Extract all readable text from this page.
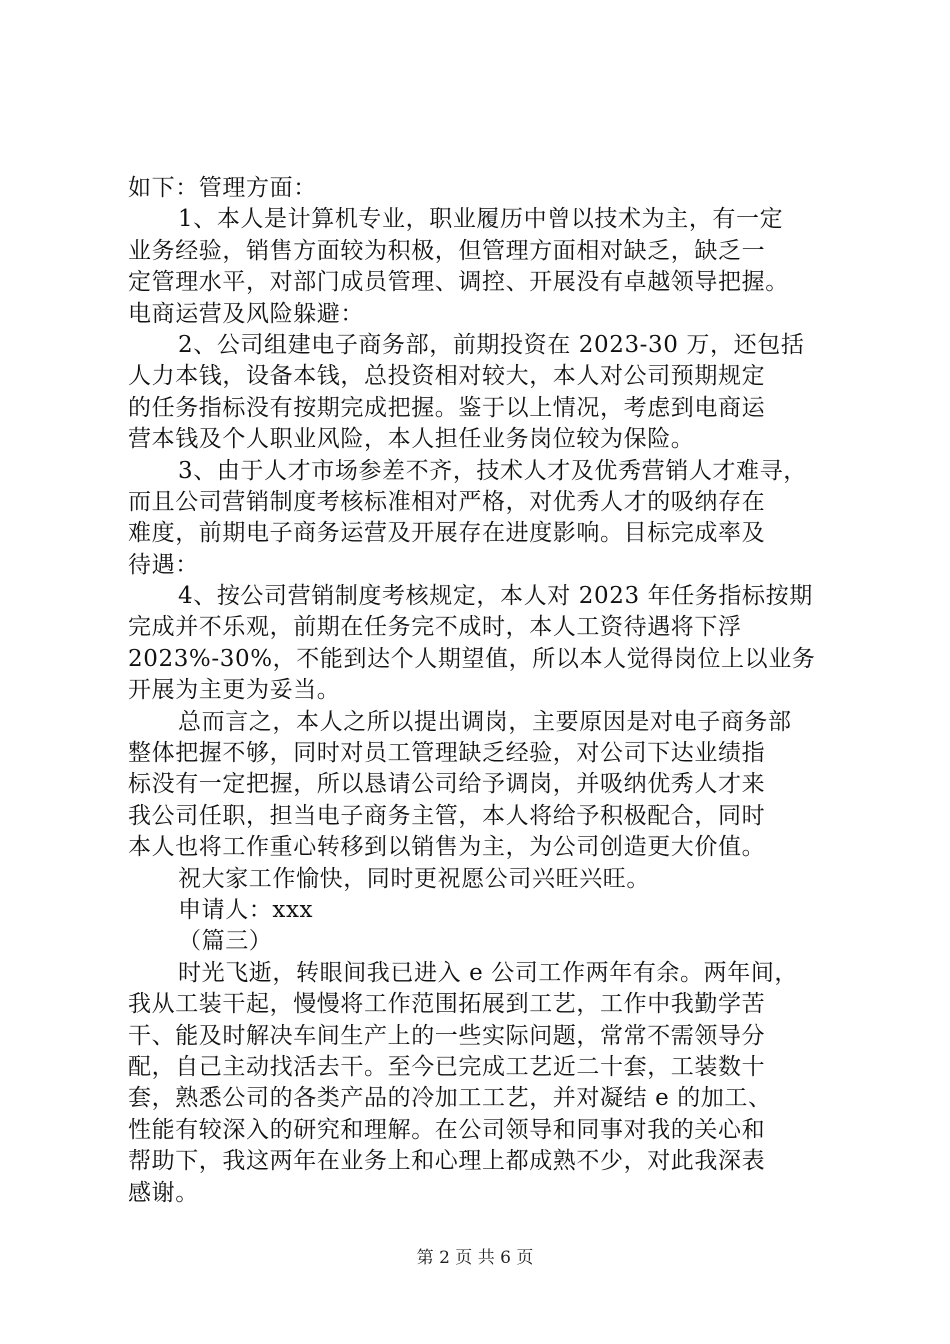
如下：管理方面：
1、本人是计算机专业，职业履历中曾以技术为主，有一定
业务经验，销售方面较为积极，但管理方面相对缺乏，缺乏一
定管理水平，对部门成员管理、调控、开展没有卓越领导把握。
电商运营及风险躲避：
2、公司组建电子商务部，前期投资在 2023-30 万，还包括
人力本钱，设备本钱，总投资相对较大，本人对公司预期规定
的任务指标没有按期完成把握。鉴于以上情况，考虑到电商运
营本钱及个人职业风险，本人担任业务岗位较为保险。
3、由于人才市场参差不齐，技术人才及优秀营销人才难寻，
而且公司营销制度考核标准相对严格，对优秀人才的吸纳存在
难度，前期电子商务运营及开展存在进度影响。目标完成率及
待遇：
4、按公司营销制度考核规定，本人对 2023 年任务指标按期
完成并不乐观，前期在任务完不成时，本人工资待遇将下浮
2023%-30%，不能到达个人期望值，所以本人觉得岗位上以业务
开展为主更为妥当。
总而言之，本人之所以提出调岗，主要原因是对电子商务部
整体把握不够，同时对员工管理缺乏经验，对公司下达业绩指
标没有一定把握，所以恳请公司给予调岗，并吸纳优秀人才来
我公司任职，担当电子商务主管，本人将给予积极配合，同时
本人也将工作重心转移到以销售为主，为公司创造更大价值。
祝大家工作愉快，同时更祝愿公司兴旺兴旺。
申请人：xxx
（篇三）
时光飞逝，转眼间我已进入 e 公司工作两年有余。两年间，
我从工装干起，慢慢将工作范围拓展到工艺，工作中我勤学苦
干、能及时解决车间生产上的一些实际问题，常常不需领导分
配，自己主动找活去干。至今已完成工艺近二十套，工装数十
套，熟悉公司的各类产品的冷加工工艺，并对凝结 e 的加工、
性能有较深入的研究和理解。在公司领导和同事对我的关心和
帮助下，我这两年在业务上和心理上都成熟不少，对此我深表
感谢。
第 2 页 共 6 页
